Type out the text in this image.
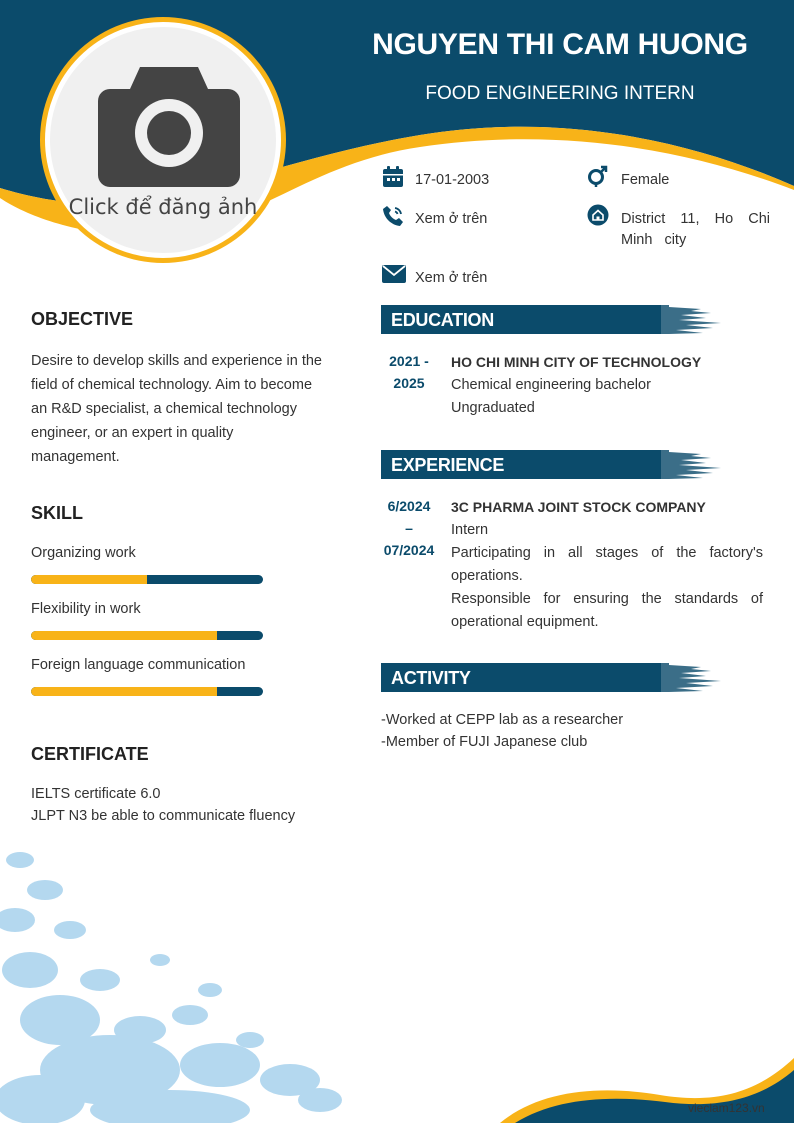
NGUYEN THI CAM HUONG
FOOD ENGINEERING INTERN
Click để đăng ảnh
17-01-2003	Female
Xem ở trên	District 11, Ho Chi Minh city
Xem ở trên
OBJECTIVE
Desire to develop skills and experience in the field of chemical technology. Aim to become an R&D specialist, a chemical technology engineer, or an expert in quality management.
SKILL
Organizing work
Flexibility in work
Foreign language communication
CERTIFICATE
IELTS certificate 6.0
JLPT N3 be able to communicate fluency
EDUCATION
2021 -
2025
HO CHI MINH CITY OF TECHNOLOGY
Chemical engineering bachelor
Ungraduated
EXPERIENCE
6/2024
–
07/2024
3C PHARMA JOINT STOCK COMPANY
Intern
Participating in all stages of the factory's operations.
Responsible for ensuring the standards of operational equipment.
ACTIVITY
-Worked at CEPP lab as a researcher
-Member of FUJI Japanese club
vieclam123.vn
